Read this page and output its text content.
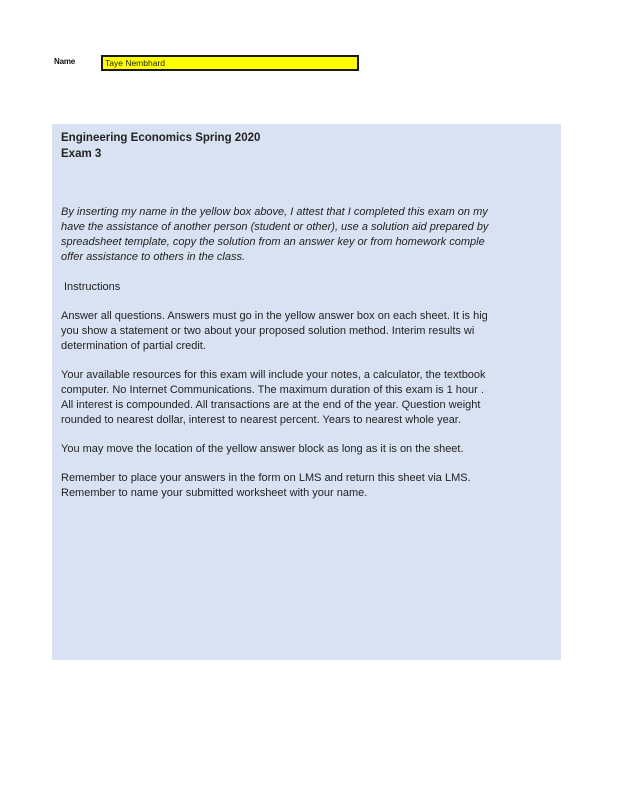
Name	Taye Nembhard

Engineering Economics Spring 2020

Exam 3

By inserting my name in the yellow box above, I attest that I completed this exam on my
have the assistance of another person (student or other), use a solution aid prepared by
spreadsheet template, copy the solution from an answer key or from homework comple
offer assistance to others in the class.
Instructions
Answer all questions. Answers must go in the yellow answer box on each sheet. It is hig
you show a statement or two about your proposed solution method. Interim results wi
determination of partial credit.
Your available resources for this exam will include your notes, a calculator, the textbook
computer. No Internet Communications. The maximum duration of this exam is 1 hour .
All interest is compounded. All transactions are at the end of the year. Question weight
rounded to nearest dollar, interest to nearest percent. Years to nearest whole year.
You may move the location of the yellow answer block as long as it is on the sheet.
Remember to place your answers in the form on LMS and return this sheet via LMS.
Remember to name your submitted worksheet with your name.
